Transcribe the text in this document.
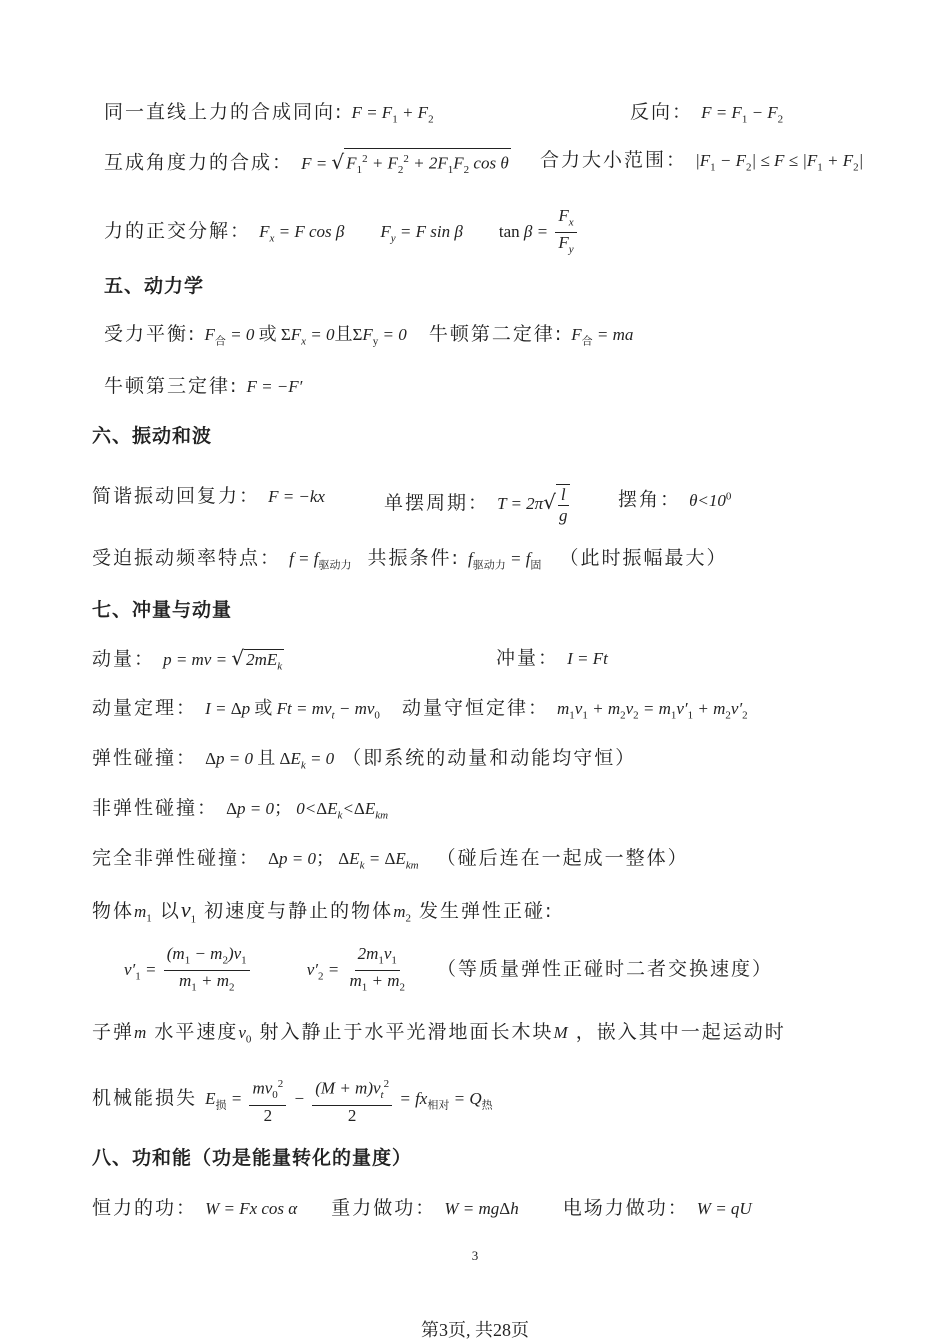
同一直线上力的合成同向: $F = F_1 + F_2$	反向： $F = F_1 - F_2$
互成角度力的合成： F = √ $F_1^2 + F_2^2 + 2F_1F_2$ cos θ 合力大小范围： $|F_1 - F_2| \le F \le |F_1 + F_2|$
力的正交分解： $F_x = F$ cos β $F_y = F$ sin β $\tan \beta = \frac{F_x}{F_y}$
五、动力学
受力平衡: $F_合 = 0$ 或 $\Sigma F_x = 0$且$\Sigma F_y = 0$ 牛顿第二定律: $F_合$ = ma
牛顿第三定律: F = −F′
六、振动和波
简谐振动回复力： F = −kx	单摆周期： $T = 2\pi√ \frac{l}{g}$	摆角： $\theta<10^0$
受迫振动频率特点： $f = f_{驱动力}$ 共振条件: $f_{驱动力} = f_固$ （此时振幅最大）
七、冲量与动量
动量： p = mv = √ $2mE_k$	冲量： I = Ft
动量定理： I = Δp 或 $Ft = mv_t - mv_0$ 动量守恒定律： $m_1v_1 + m_2v_2 = m_1v'_1 + m_2v'_2$
弹性碰撞： Δp = 0 且 $\Delta E_k = 0$ （即系统的动量和动能均守恒）
非弹性碰撞： Δp = 0； $0<\Delta E_k<\Delta E_{km}$
完全非弹性碰撞： Δp = 0； $\Delta E_k = \Delta E_{km}$ （碰后连在一起成一整体）
物体$m_1$ 以$v_1$ 初速度与静止的物体$m_2$ 发生弹性正碰:
$v'_1 = \frac{(m_1 - m_2)v_1}{m_1 + m_2}$	$v'_2 = \frac{2m_1v_1}{m_1 + m_2}$ （等质量弹性正碰时二者交换速度）
子弹m 水平速度$v_0$ 射入静止于水平光滑地面长木块M ，嵌入其中一起运动时
机械能损失 $E_损 = \frac{mv_0^2}{2} - \frac{(M + m)v_t^2}{2} = fx_{相对} = Q_热$
八、功和能（功是能量转化的量度）
恒力的功： W = Fx cos α 重力做功： W = mgΔh 电场力做功： W = qU
3
第3页, 共28页
